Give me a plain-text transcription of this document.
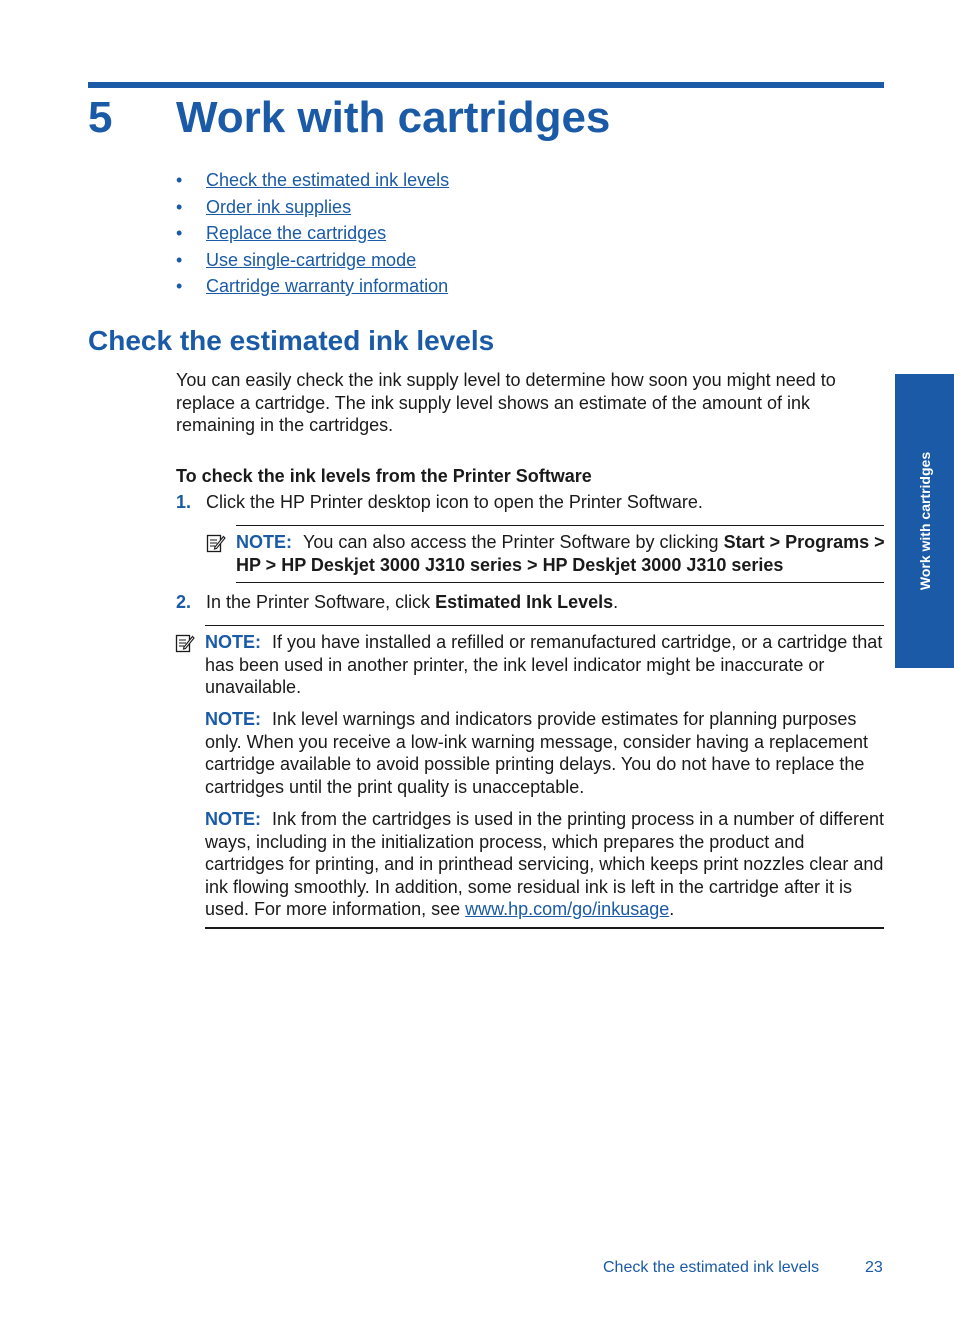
5 Work with cartridges
• Check the estimated ink levels
• Order ink supplies
• Replace the cartridges
• Use single-cartridge mode
• Cartridge warranty information
Check the estimated ink levels
You can easily check the ink supply level to determine how soon you might need to replace a cartridge. The ink supply level shows an estimate of the amount of ink remaining in the cartridges.
To check the ink levels from the Printer Software
1. Click the HP Printer desktop icon to open the Printer Software.
NOTE: You can also access the Printer Software by clicking Start > Programs > HP > HP Deskjet 3000 J310 series > HP Deskjet 3000 J310 series
2. In the Printer Software, click Estimated Ink Levels.
NOTE: If you have installed a refilled or remanufactured cartridge, or a cartridge that has been used in another printer, the ink level indicator might be inaccurate or unavailable.
NOTE: Ink level warnings and indicators provide estimates for planning purposes only. When you receive a low-ink warning message, consider having a replacement cartridge available to avoid possible printing delays. You do not have to replace the cartridges until the print quality is unacceptable.
NOTE: Ink from the cartridges is used in the printing process in a number of different ways, including in the initialization process, which prepares the product and cartridges for printing, and in printhead servicing, which keeps print nozzles clear and ink flowing smoothly. In addition, some residual ink is left in the cartridge after it is used. For more information, see www.hp.com/go/inkusage.
Work with cartridges
Check the estimated ink levels	23
